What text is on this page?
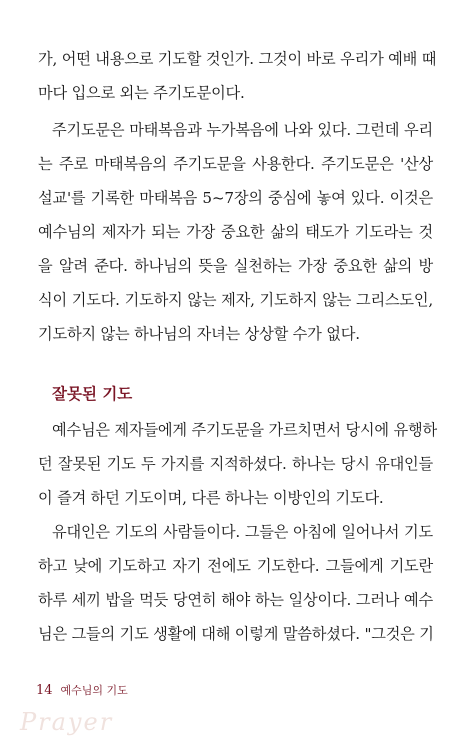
가, 어떤 내용으로 기도할 것인가. 그것이 바로 우리가 예배 때
마다 입으로 외는 주기도문이다.
주기도문은 마태복음과 누가복음에 나와 있다. 그런데 우리
는 주로 마태복음의 주기도문을 사용한다. 주기도문은 '산상
설교'를 기록한 마태복음 5~7장의 중심에 놓여 있다. 이것은
예수님의 제자가 되는 가장 중요한 삶의 태도가 기도라는 것
을 알려 준다. 하나님의 뜻을 실천하는 가장 중요한 삶의 방
식이 기도다. 기도하지 않는 제자, 기도하지 않는 그리스도인,
기도하지 않는 하나님의 자녀는 상상할 수가 없다.
잘못된 기도
예수님은 제자들에게 주기도문을 가르치면서 당시에 유행하
던 잘못된 기도 두 가지를 지적하셨다. 하나는 당시 유대인들
이 즐겨 하던 기도이며, 다른 하나는 이방인의 기도다.
유대인은 기도의 사람들이다. 그들은 아침에 일어나서 기도
하고 낮에 기도하고 자기 전에도 기도한다. 그들에게 기도란
하루 세끼 밥을 먹듯 당연히 해야 하는 일상이다. 그러나 예수
님은 그들의 기도 생활에 대해 이렇게 말씀하셨다. "그것은 기
14 예수님의 기도
Prayer
